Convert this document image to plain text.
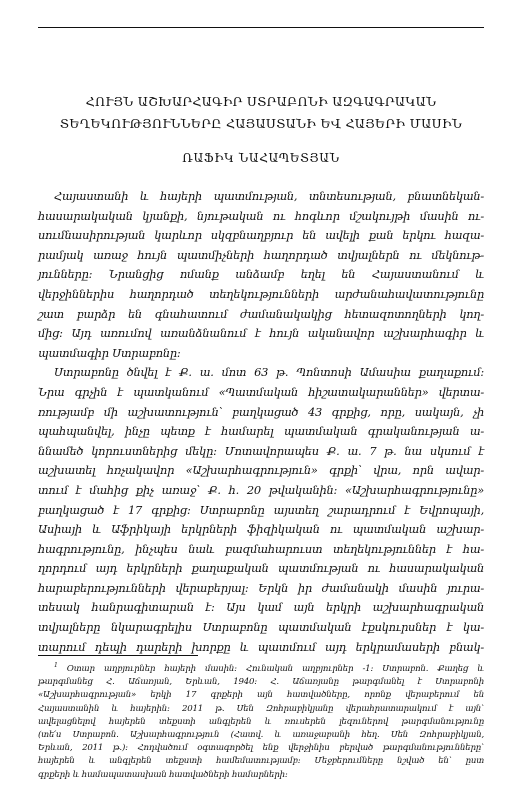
ՀՈՒՅՆ ԱՇԽԱՐՀԱԳԻՐ ՍՏՐԱԲՈՆԻ ԱԶԳԱԳՐԱԿԱՆ
ՏԵՂԵԿՈՒԹՅՈՒՆՆԵՐԸ ՀԱՅԱՍՏԱՆԻ ԵՎ ՀԱՅԵՐԻ ՄԱՍԻՆ
ՌԱՖԻԿ ՆԱՀԱՊԵՏՅԱՆ
Հայաստանի և հայերի պատմության, տնտեսության, բնատնեկան-
հասարակական կյանքի, նյութական ու հոգևոր մշակույթի մասին ու-
սումնասիրության կարևոր սկզբնաղբյուր են ավելի քան երկու հազա-
րամյակ առաջ հույն պատմիչների հաղորդած տվյալներն ու մեկնութ-
յունները: Նրանցից ոմանք անձամբ եղել են Հայաստանում և
վերջիններիս հաղորդած տեղեկությունների արժանահավատությունը
շատ բարձր են գնահատում ժամանակակից հետազոտողների կող-
մից: Այդ առումով առանձնանում է հույն ականավոր աշխարհագիր և
պատմագիր Ստրաբոնը:
Ստրաբոնը ծնվել է Ք. ա. մոտ 63 թ. Պոնտոսի Ամասիա քաղաքում:
Նրա գրչին է պատկանում «Պատմական հիշատակարաններ» վերտա-
ռությամբ մի աշխատություն՝ բաղկացած 43 գրքից, որը, սակայն, չի
պահպանվել, ինչը պետք է համարել պատմական գրականության ա-
ննամեծ կորուստներից մեկը: Մոտավորապես Ք. ա. 7 թ. նա սկսում է
աշխատել հռչակավոր «Աշխարհագրություն» գրքի՝ վրա, որն ավար-
տում է մահից քիչ առաջ՝ Ք. հ. 20 թվականին: «Աշխարհագրությունը»
բաղկացած է 17 գրքից: Ստրաբոնը այստեղ շարադրում է Եվրոպայի,
Ասիայի և Աֆրիկայի երկրների ֆիզիկական ու պատմական աշխար-
հագրությունը, ինչպես նաև բազմահարուստ տեղեկություններ է հա-
ղորդում այդ երկրների քաղաքական պատմության ու հասարակական
հարաբերությունների վերաբերյալ: Երկն իր ժամանակի մասին յուրա-
տեսակ հանրագիտարան է: Այս կամ այն երկրի աշխարհագրական
տվյալները նկարագրելիս Ստրաբոնը պատմական էքսկուրսներ է կա-
տարում դեպի դարերի խորքը և պատմում այդ երկրամասերի բնակ-
$^1$ Օտար աղբյուրներ հայերի մասին: Հունական աղբյուրներ -1: Ստրաբոն. Քաղեց և
թարգմանեց Հ. Աճառյան, Երևան, 1940: Հ. Աճառյանը թարգմանել է Ստրաբոնի
«Աշխարհագրության» երկի 17 գրքերի այն հատվածները, որոնք վերաբերում են
Հայաստանին և հայերին: 2011 թ. Սեն Զոհրաբիկյանը վերահրատարակում է այն՝
ավելացնելով հայերեն տեքստի անգլերեն և ռուսերեն լեզուներով թարգմանությունը
(տե՛ս Ստրաբոն. Աշխարհագրություն (Հատվ. և առաջաբանի հեղ. Սեն Զոհրաբիկյան,
Երևան, 2011 թ.): Հոդվածում օգտագործել ենք վերջինիս բերված թարգմանությունները՝
հայերեն և անգլերեն տեքստի համեմատությամբ: Մեջբերումները նշված են՝ ըստ
գրքերի և համապատասխան հատվածների համարների:
